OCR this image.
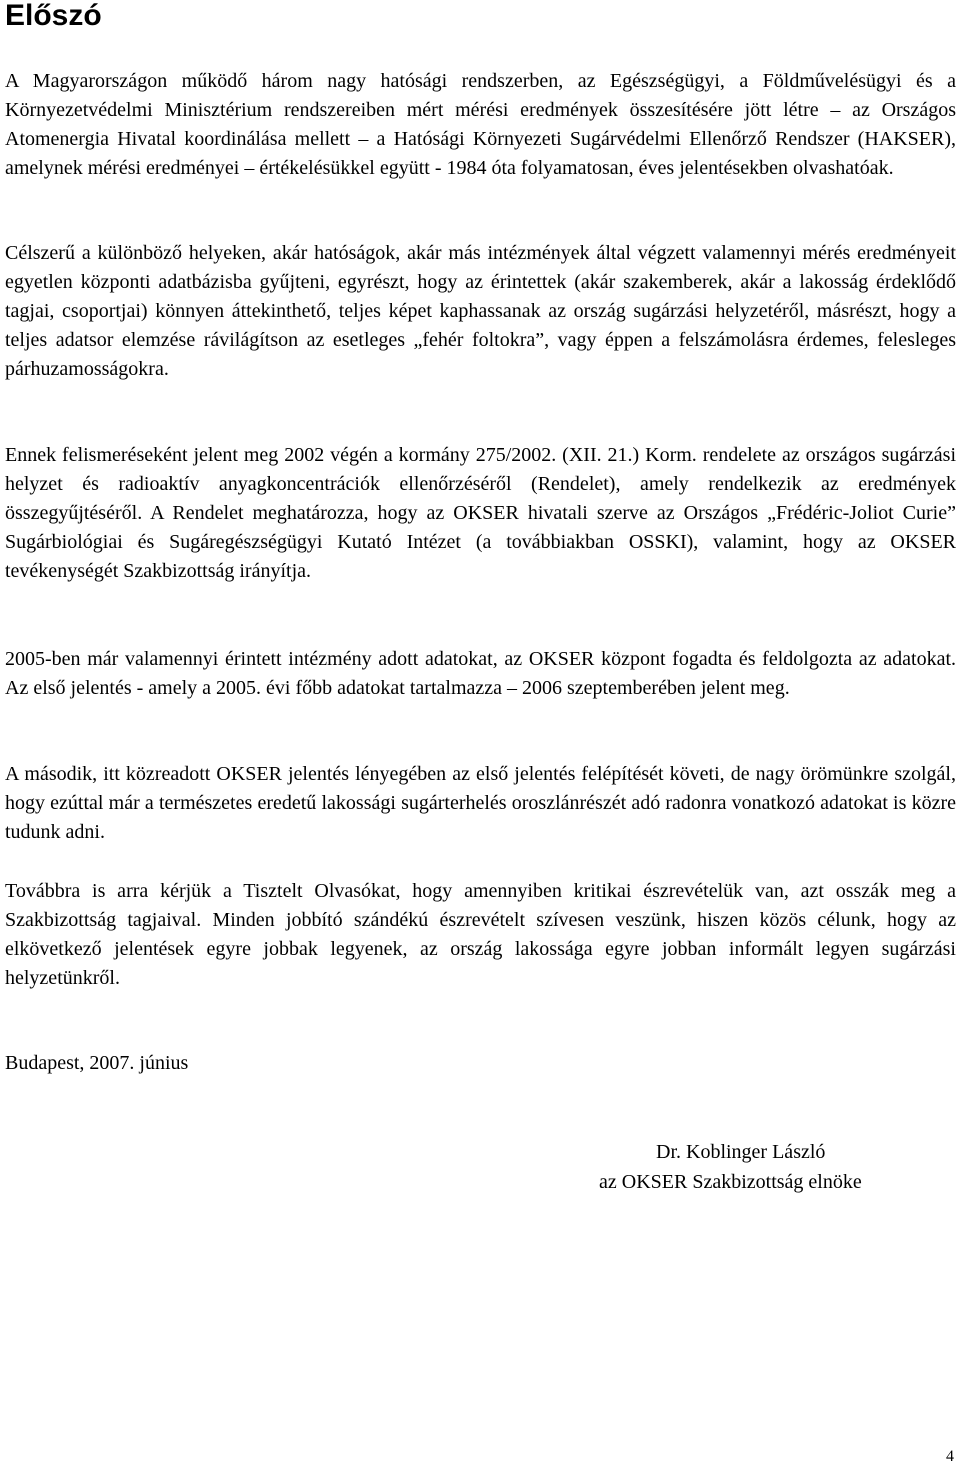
Előszó

A Magyarországon működő három nagy hatósági rendszerben, az Egészségügyi, a Földművelésügyi és a Környezetvédelmi Minisztérium rendszereiben mért mérési eredmények összesítésére jött létre – az Országos Atomenergia Hivatal koordinálása mellett – a Hatósági Környezeti Sugárvédelmi Ellenőrző Rendszer (HAKSER), amelynek mérési eredményei – értékelésükkel együtt - 1984 óta folyamatosan, éves jelentésekben olvashatóak.

Célszerű a különböző helyeken, akár hatóságok, akár más intézmények által végzett valamennyi mérés eredményeit egyetlen központi adatbázisba gyűjteni, egyrészt, hogy az érintettek (akár szakemberek, akár a lakosság érdeklődő tagjai, csoportjai) könnyen áttekinthető, teljes képet kaphassanak az ország sugárzási helyzetéről, másrészt, hogy a teljes adatsor elemzése rávilágítson az esetleges „fehér foltokra”, vagy éppen a felszámolásra érdemes, felesleges párhuzamosságokra.

Ennek felismeréseként jelent meg 2002 végén a kormány 275/2002. (XII. 21.) Korm. rendelete az országos sugárzási helyzet és radioaktív anyagkoncentrációk ellenőrzéséről (Rendelet), amely rendelkezik az eredmények összegyűjtéséről. A Rendelet meghatározza, hogy az OKSER hivatali szerve az Országos „Frédéric-Joliot Curie” Sugárbiológiai és Sugáregészségügyi Kutató Intézet (a továbbiakban OSSKI), valamint, hogy az OKSER tevékenységét Szakbizottság irányítja.

2005-ben már valamennyi érintett intézmény adott adatokat, az OKSER központ fogadta és feldolgozta az adatokat. Az első jelentés - amely a 2005. évi főbb adatokat tartalmazza – 2006 szeptemberében jelent meg.

A második, itt közreadott OKSER jelentés lényegében az első jelentés felépítését követi, de nagy örömünkre szolgál, hogy ezúttal már a természetes eredetű lakossági sugárterhelés oroszlánrészét adó radonra vonatkozó adatokat is közre tudunk adni.

Továbbra is arra kérjük a Tisztelt Olvasókat, hogy amennyiben kritikai észrevételük van, azt osszák meg a Szakbizottság tagjaival. Minden jobbító szándékú észrevételt szívesen veszünk, hiszen közös célunk, hogy az elkövetkező jelentések egyre jobbak legyenek, az ország lakossága egyre jobban informált legyen sugárzási helyzetünkről.

Budapest, 2007. június

Dr. Koblinger László
az OKSER Szakbizottság elnöke
4
